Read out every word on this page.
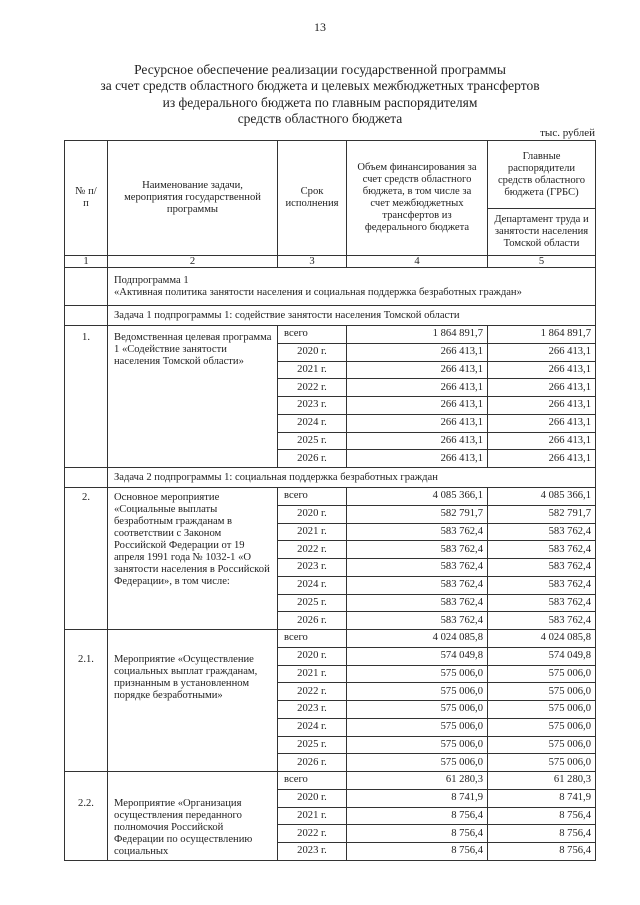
13
Ресурсное обеспечение реализации государственной программы
за счет средств областного бюджета и целевых межбюджетных трансфертов
из федерального бюджета по главным распорядителям
средств областного бюджета
тыс. рублей
№ п/п	Наименование задачи, мероприятия государственной программы	Срок исполнения	Объем финансирования за счет средств областного бюджета, в том числе за счет межбюджетных трансфертов из федерального бюджета	Главные распорядители средств областного бюджета (ГРБС)
				Департамент труда и занятости населения Томской области
1	2	3	4	5

	Подпрограмма 1
«Активная политика занятости населения и социальная поддержка безработных граждан»			

	Задача 1 подпрограммы 1: содействие занятости населения Томской области			
1.	Ведомственная целевая программа 1 «Содействие занятости населения Томской области»	всего	1 864 891,7	1 864 891,7
		2020 г.	266 413,1	266 413,1
		2021 г.	266 413,1	266 413,1
		2022 г.	266 413,1	266 413,1
		2023 г.	266 413,1	266 413,1
		2024 г.	266 413,1	266 413,1
		2025 г.	266 413,1	266 413,1
		2026 г.	266 413,1	266 413,1
	Задача 2 подпрограммы 1: социальная поддержка безработных граждан			
2.	Основное мероприятие «Социальные выплаты безработным гражданам в соответствии с Законом Российской Федерации от 19 апреля 1991 года № 1032-1 «О занятости населения в Российской Федерации», в том числе:	всего	4 085 366,1	4 085 366,1
		2020 г.	582 791,7	582 791,7
		2021 г.	583 762,4	583 762,4
		2022 г.	583 762,4	583 762,4
		2023 г.	583 762,4	583 762,4
		2024 г.	583 762,4	583 762,4
		2025 г.	583 762,4	583 762,4
		2026 г.	583 762,4	583 762,4
2.1.	Мероприятие «Осуществление социальных выплат гражданам, признанным в установленном порядке безработными»	всего	4 024 085,8	4 024 085,8
		2020 г.	574 049,8	574 049,8
		2021 г.	575 006,0	575 006,0
		2022 г.	575 006,0	575 006,0
		2023 г.	575 006,0	575 006,0
		2024 г.	575 006,0	575 006,0
		2025 г.	575 006,0	575 006,0
		2026 г.	575 006,0	575 006,0
2.2.	Мероприятие «Организация осуществления переданного полномочия Российской Федерации по осуществлению социальных	всего	61 280,3	61 280,3
		2020 г.	8 741,9	8 741,9
		2021 г.	8 756,4	8 756,4
		2022 г.	8 756,4	8 756,4
		2023 г.	8 756,4	8 756,4
